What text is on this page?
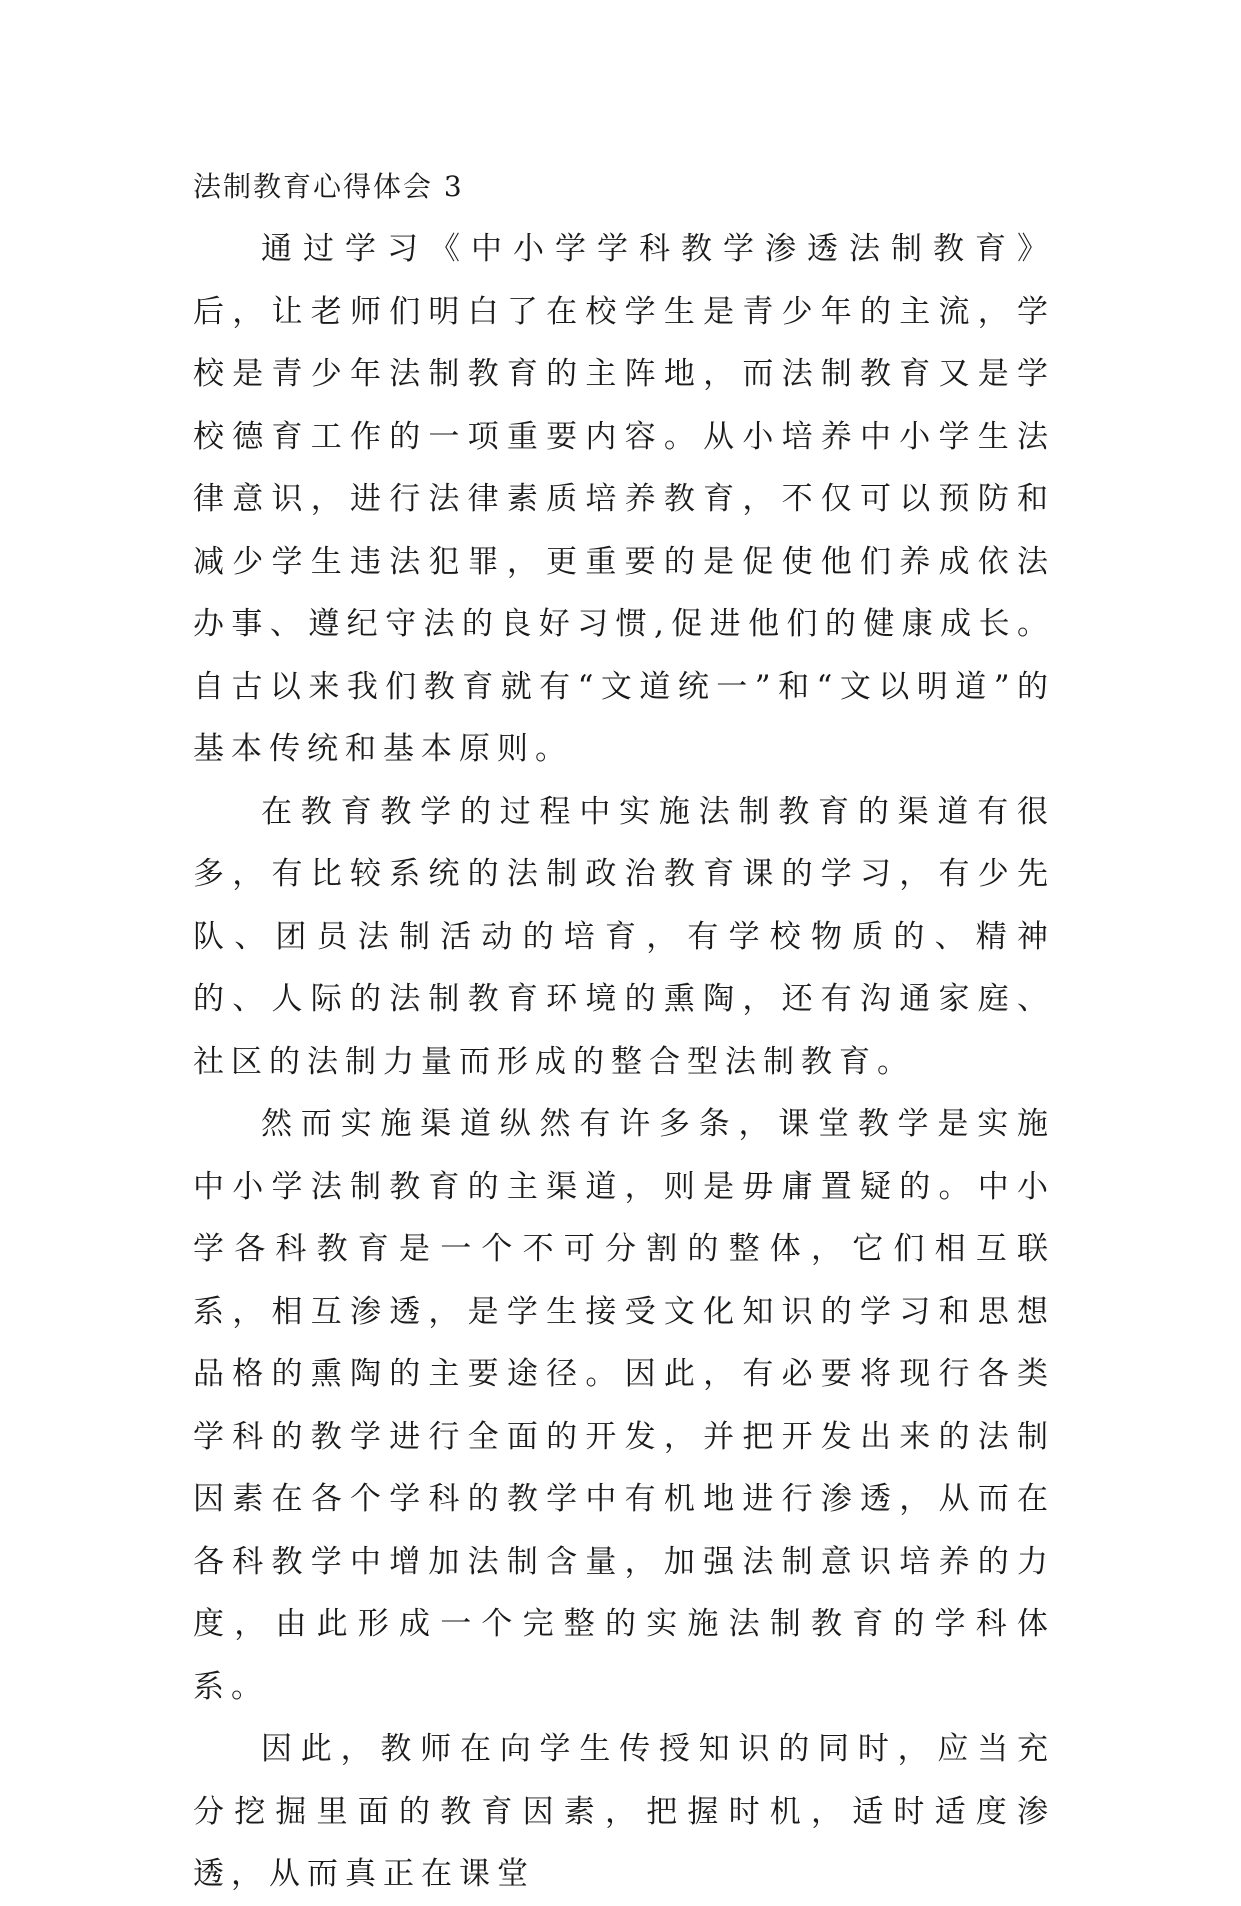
法制教育心得体会 3

通过学习《中小学学科教学渗透法制教育》后，让老师们明白了在校学生是青少年的主流，学校是青少年法制教育的主阵地，而法制教育又是学校德育工作的一项重要内容。从小培养中小学生法律意识，进行法律素质培养教育，不仅可以预防和减少学生违法犯罪，更重要的是促使他们养成依法办事、遵纪守法的良好习惯,促进他们的健康成长。自古以来我们教育就有“文道统一”和“文以明道”的基本传统和基本原则。

在教育教学的过程中实施法制教育的渠道有很多，有比较系统的法制政治教育课的学习，有少先队、团员法制活动的培育，有学校物质的、精神的、人际的法制教育环境的熏陶，还有沟通家庭、社区的法制力量而形成的整合型法制教育。

然而实施渠道纵然有许多条，课堂教学是实施中小学法制教育的主渠道，则是毋庸置疑的。中小学各科教育是一个不可分割的整体，它们相互联系，相互渗透，是学生接受文化知识的学习和思想品格的熏陶的主要途径。因此，有必要将现行各类学科的教学进行全面的开发，并把开发出来的法制因素在各个学科的教学中有机地进行渗透，从而在各科教学中增加法制含量，加强法制意识培养的力度，由此形成一个完整的实施法制教育的学科体系。

因此，教师在向学生传授知识的同时，应当充分挖掘里面的教育因素，把握时机，适时适度渗透，从而真正在课堂
